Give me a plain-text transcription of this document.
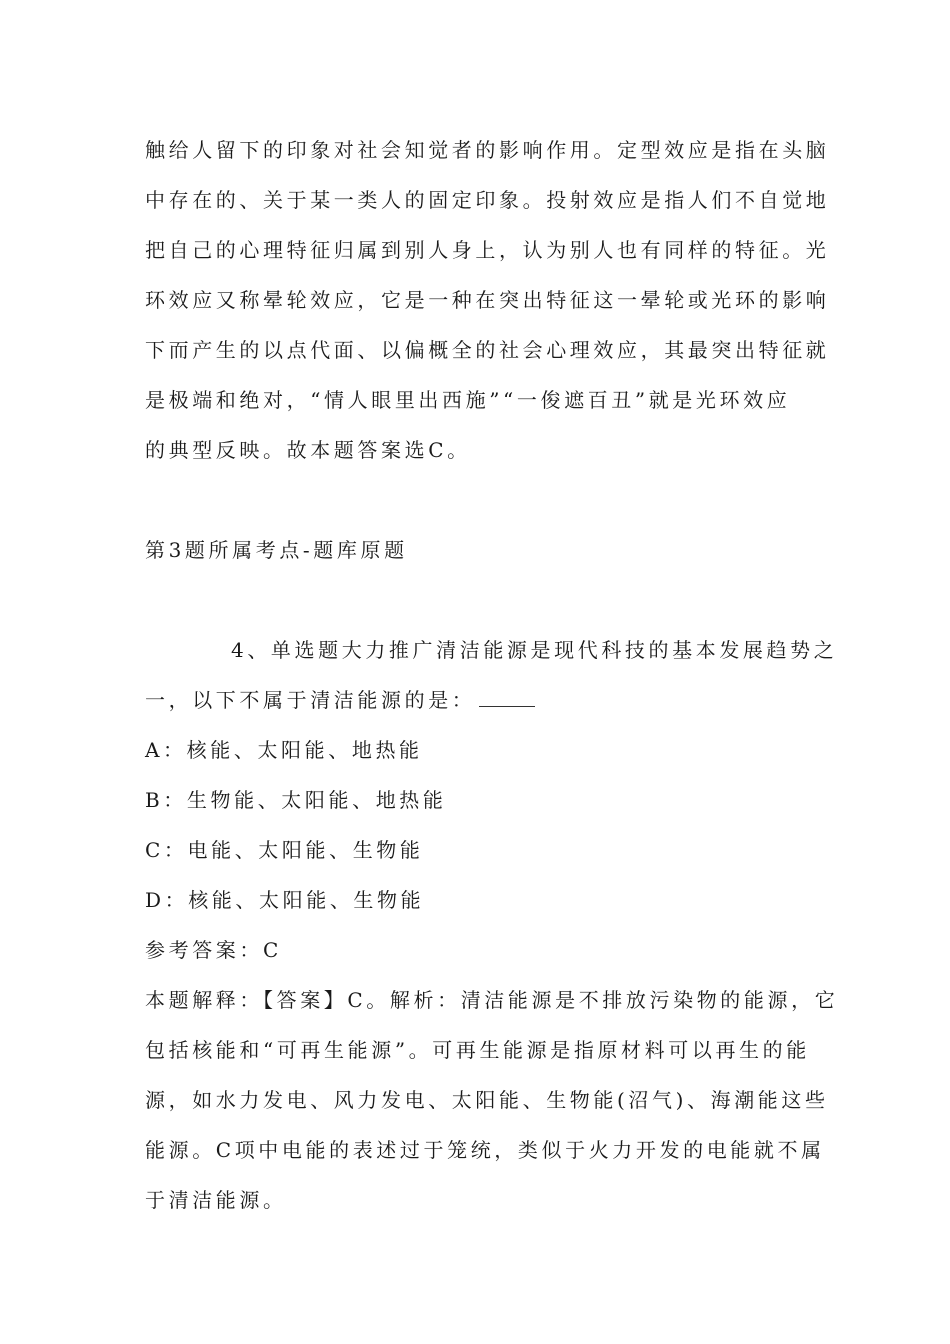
触给人留下的印象对社会知觉者的影响作用。定型效应是指在头脑
中存在的、关于某一类人的固定印象。投射效应是指人们不自觉地
把自己的心理特征归属到别人身上，认为别人也有同样的特征。光
环效应又称晕轮效应，它是一种在突出特征这一晕轮或光环的影响
下而产生的以点代面、以偏概全的社会心理效应，其最突出特征就
是极端和绝对，“情人眼里出西施”“一俊遮百丑”就是光环效应
的典型反映。故本题答案选C。
第3题所属考点-题库原题
4、单选题大力推广清洁能源是现代科技的基本发展趋势之
一，以下不属于清洁能源的是：
A：核能、太阳能、地热能
B：生物能、太阳能、地热能
C：电能、太阳能、生物能
D：核能、太阳能、生物能
参考答案：C
本题解释：【答案】C。解析：清洁能源是不排放污染物的能源，它
包括核能和“可再生能源”。可再生能源是指原材料可以再生的能
源，如水力发电、风力发电、太阳能、生物能(沼气)、海潮能这些
能源。C项中电能的表述过于笼统，类似于火力开发的电能就不属
于清洁能源。
